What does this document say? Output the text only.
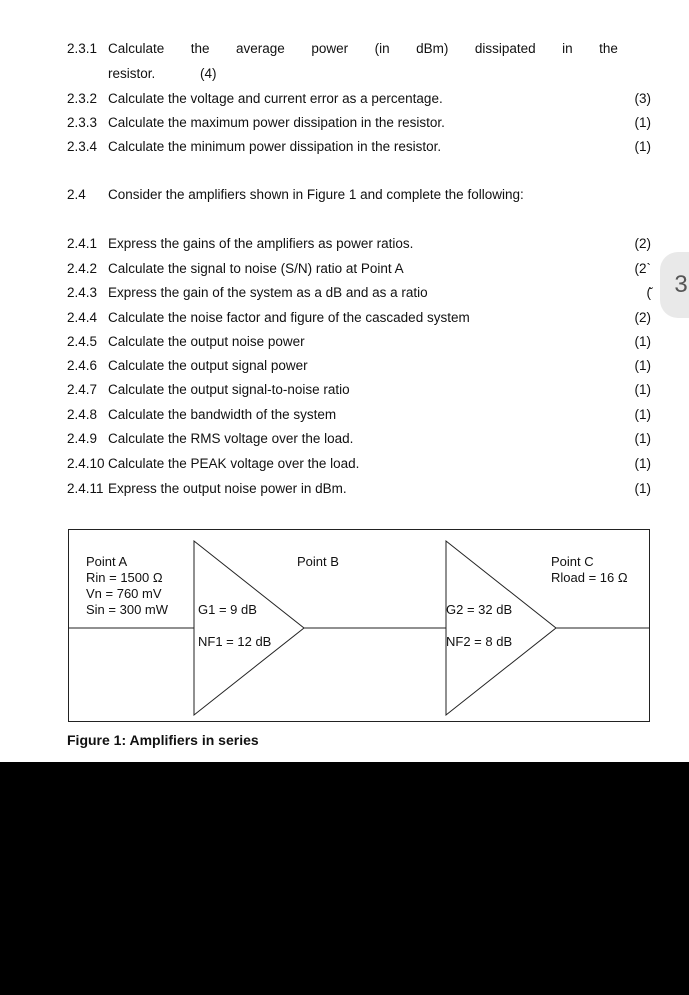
2.3.1 Calculate the average power (in dBm) dissipated in the
resistor.	(4)
2.3.2 Calculate the voltage and current error as a percentage.	(3)
2.3.3 Calculate the maximum power dissipation in the resistor.	(1)
2.3.4 Calculate the minimum power dissipation in the resistor.	(1)
2.4 Consider the amplifiers shown in Figure 1 and complete the following:
2.4.1 Express the gains of the amplifiers as power ratios.	(2)
2.4.2 Calculate the signal to noise (S/N) ratio at Point A	(2`
2.4.3 Express the gain of the system as a dB and as a ratio	(̆
2.4.4 Calculate the noise factor and figure of the cascaded system	(2)
2.4.5 Calculate the output noise power	(1)
2.4.6 Calculate the output signal power	(1)
2.4.7 Calculate the output signal-to-noise ratio	(1)
2.4.8 Calculate the bandwidth of the system	(1)
2.4.9 Calculate the RMS voltage over the load.	(1)
2.4.10 Calculate the PEAK voltage over the load.	(1)
2.4.11 Express the output noise power in dBm.	(1)
Point A
Rin = 1500 Ω
Vn = 760 mV
Sin = 300 mW G1 = 9 dB
NF1 = 12 dB
Point B
G2 = 32 dB
NF2 = 8 dB
Point C
Rload = 16 Ω
Figure 1: Amplifiers in series
3
